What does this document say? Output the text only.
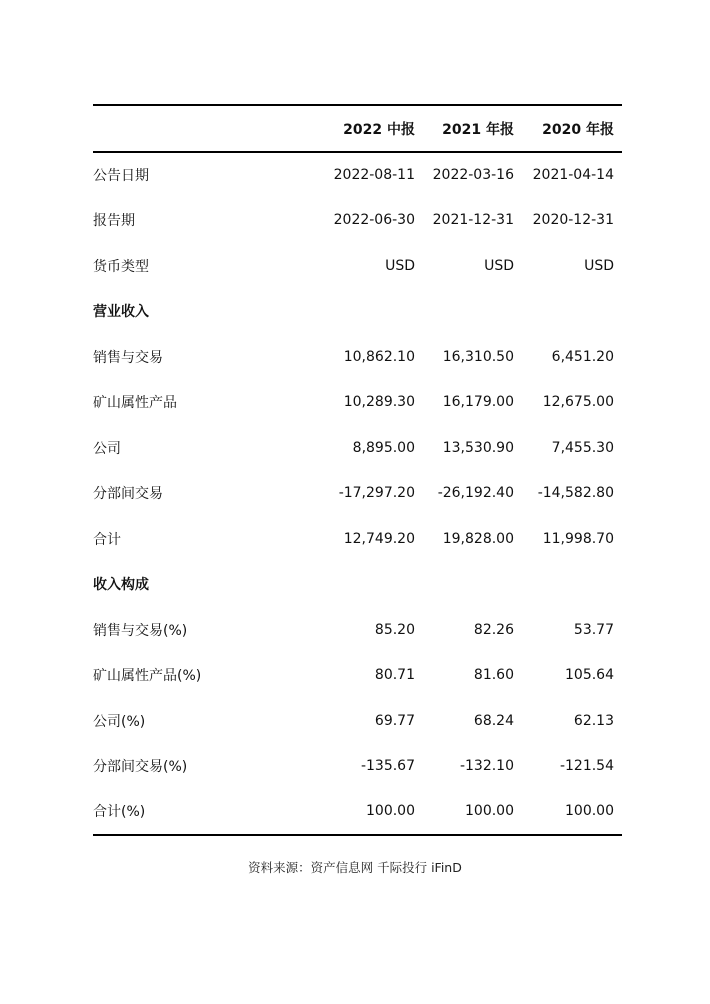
	2022 中报	2021 年报	2020 年报
公告日期	2022-08-11	2022-03-16	2021-04-14
报告期	2022-06-30	2021-12-31	2020-12-31
货币类型	USD	USD	USD
营业收入			
销售与交易	10,862.10	16,310.50	6,451.20
矿山属性产品	10,289.30	16,179.00	12,675.00
公司	8,895.00	13,530.90	7,455.30
分部间交易	-17,297.20	-26,192.40	-14,582.80
合计	12,749.20	19,828.00	11,998.70
收入构成			
销售与交易(%)	85.20	82.26	53.77
矿山属性产品(%)	80.71	81.60	105.64
公司(%)	69.77	68.24	62.13
分部间交易(%)	-135.67	-132.10	-121.54
合计(%)	100.00	100.00	100.00
资料来源：资产信息网 千际投行 iFinD
